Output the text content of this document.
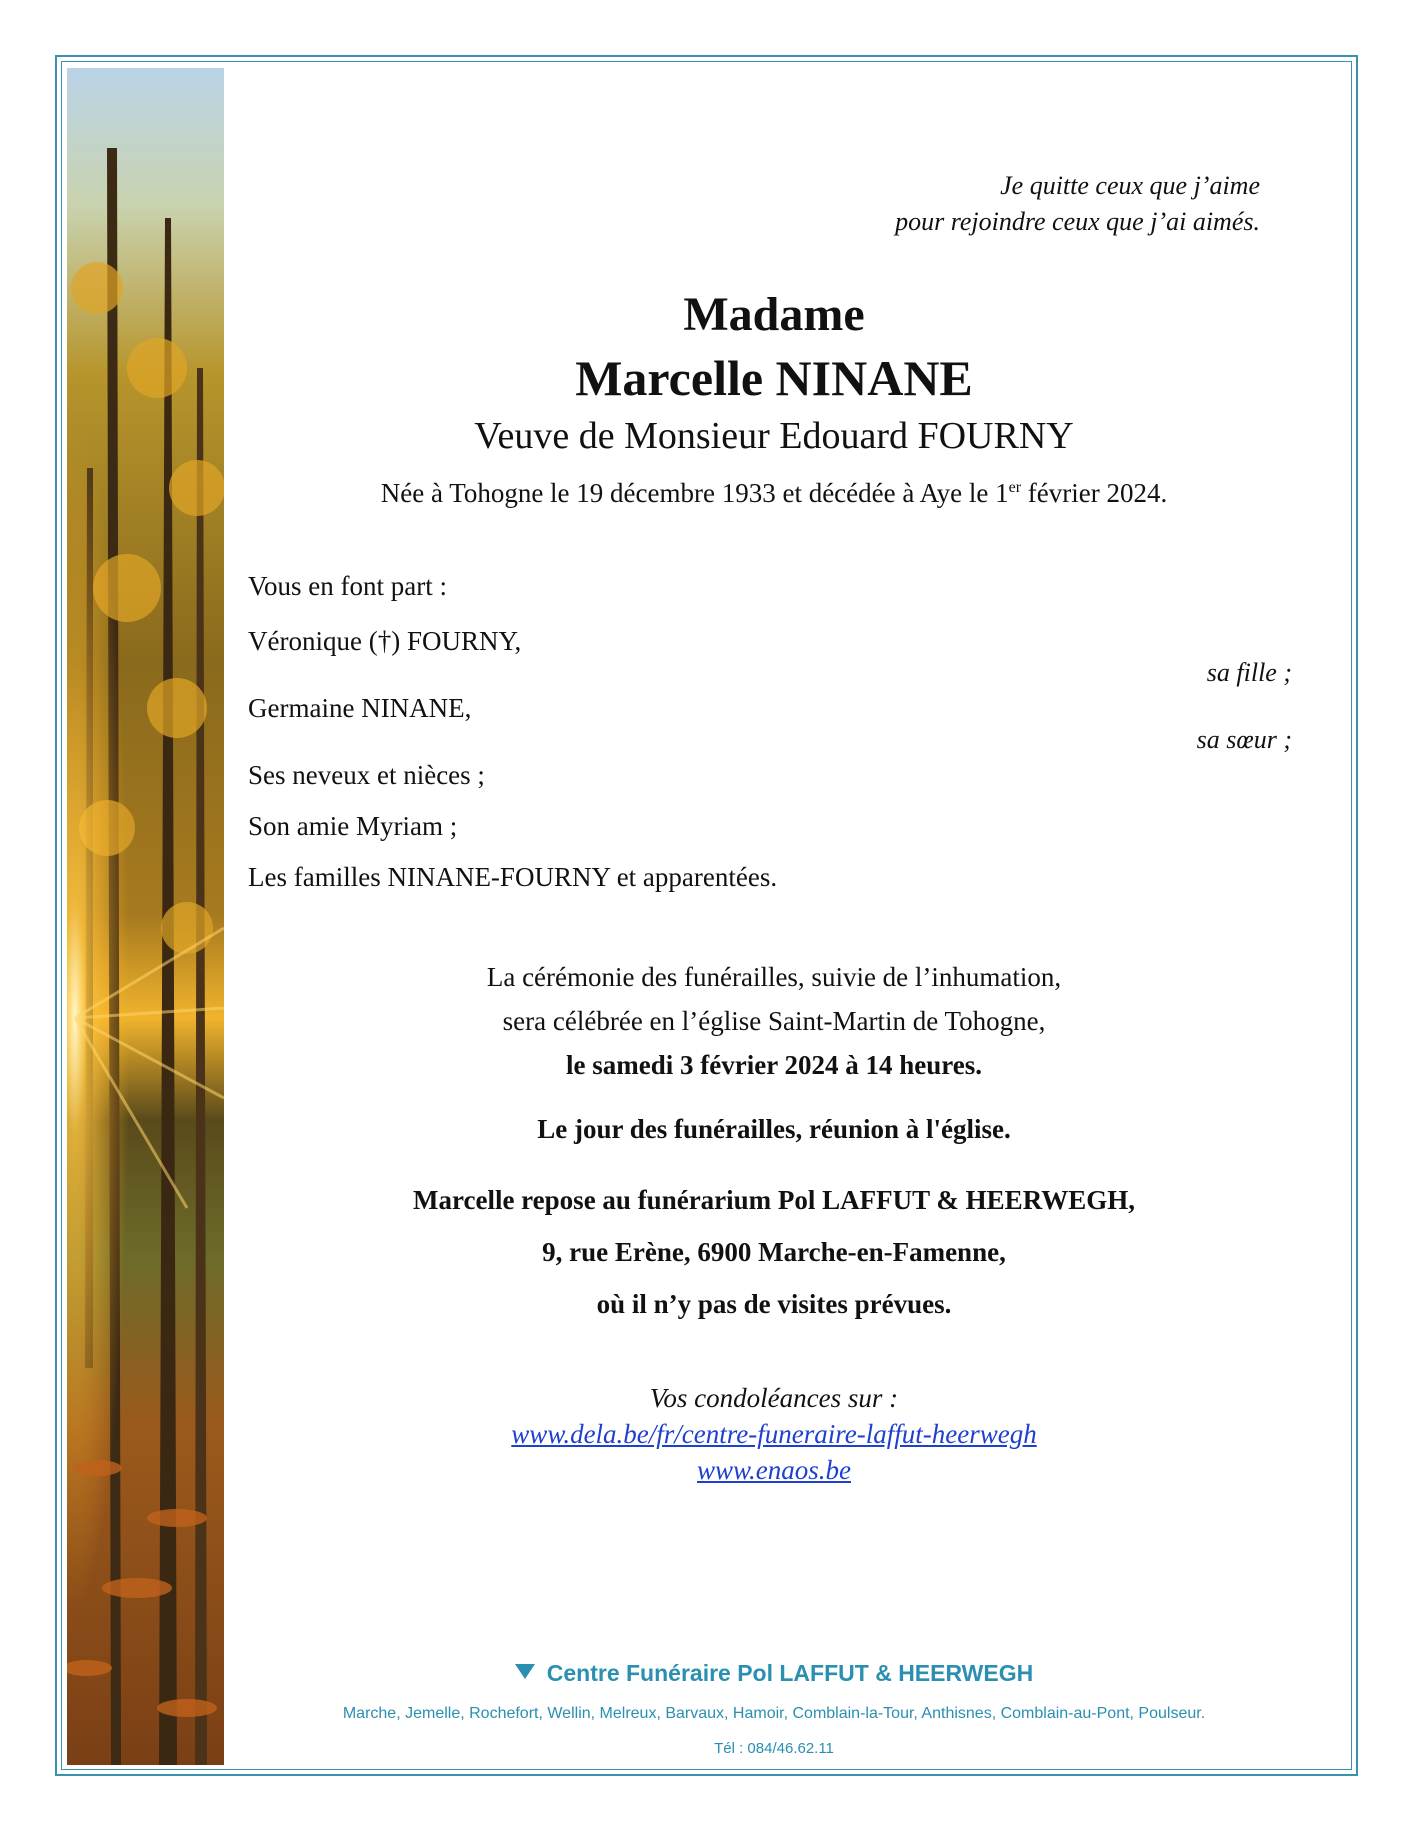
Je quitte ceux que j’aime
pour rejoindre ceux que j’ai aimés.
Madame
Marcelle NINANE
Veuve de Monsieur Edouard FOURNY
Née à Tohogne le 19 décembre 1933 et décédée à Aye le 1er février 2024.
Vous en font part :
Véronique (†) FOURNY,
sa fille ;
Germaine NINANE,
sa sœur ;
Ses neveux et nièces ;
Son amie Myriam ;
Les familles NINANE-FOURNY et apparentées.
La cérémonie des funérailles, suivie de l’inhumation,
sera célébrée en l’église Saint-Martin de Tohogne,
le samedi 3 février 2024 à 14 heures.
Le jour des funérailles, réunion à l'église.
Marcelle repose au funérarium Pol LAFFUT & HEERWEGH,
9, rue Erène, 6900 Marche-en-Famenne,
où il n’y pas de visites prévues.
Vos condoléances sur :
www.dela.be/fr/centre-funeraire-laffut-heerwegh
www.enaos.be
Centre Funéraire Pol LAFFUT & HEERWEGH
Marche, Jemelle, Rochefort, Wellin, Melreux, Barvaux, Hamoir, Comblain-la-Tour, Anthisnes, Comblain-au-Pont, Poulseur.
Tél : 084/46.62.11
